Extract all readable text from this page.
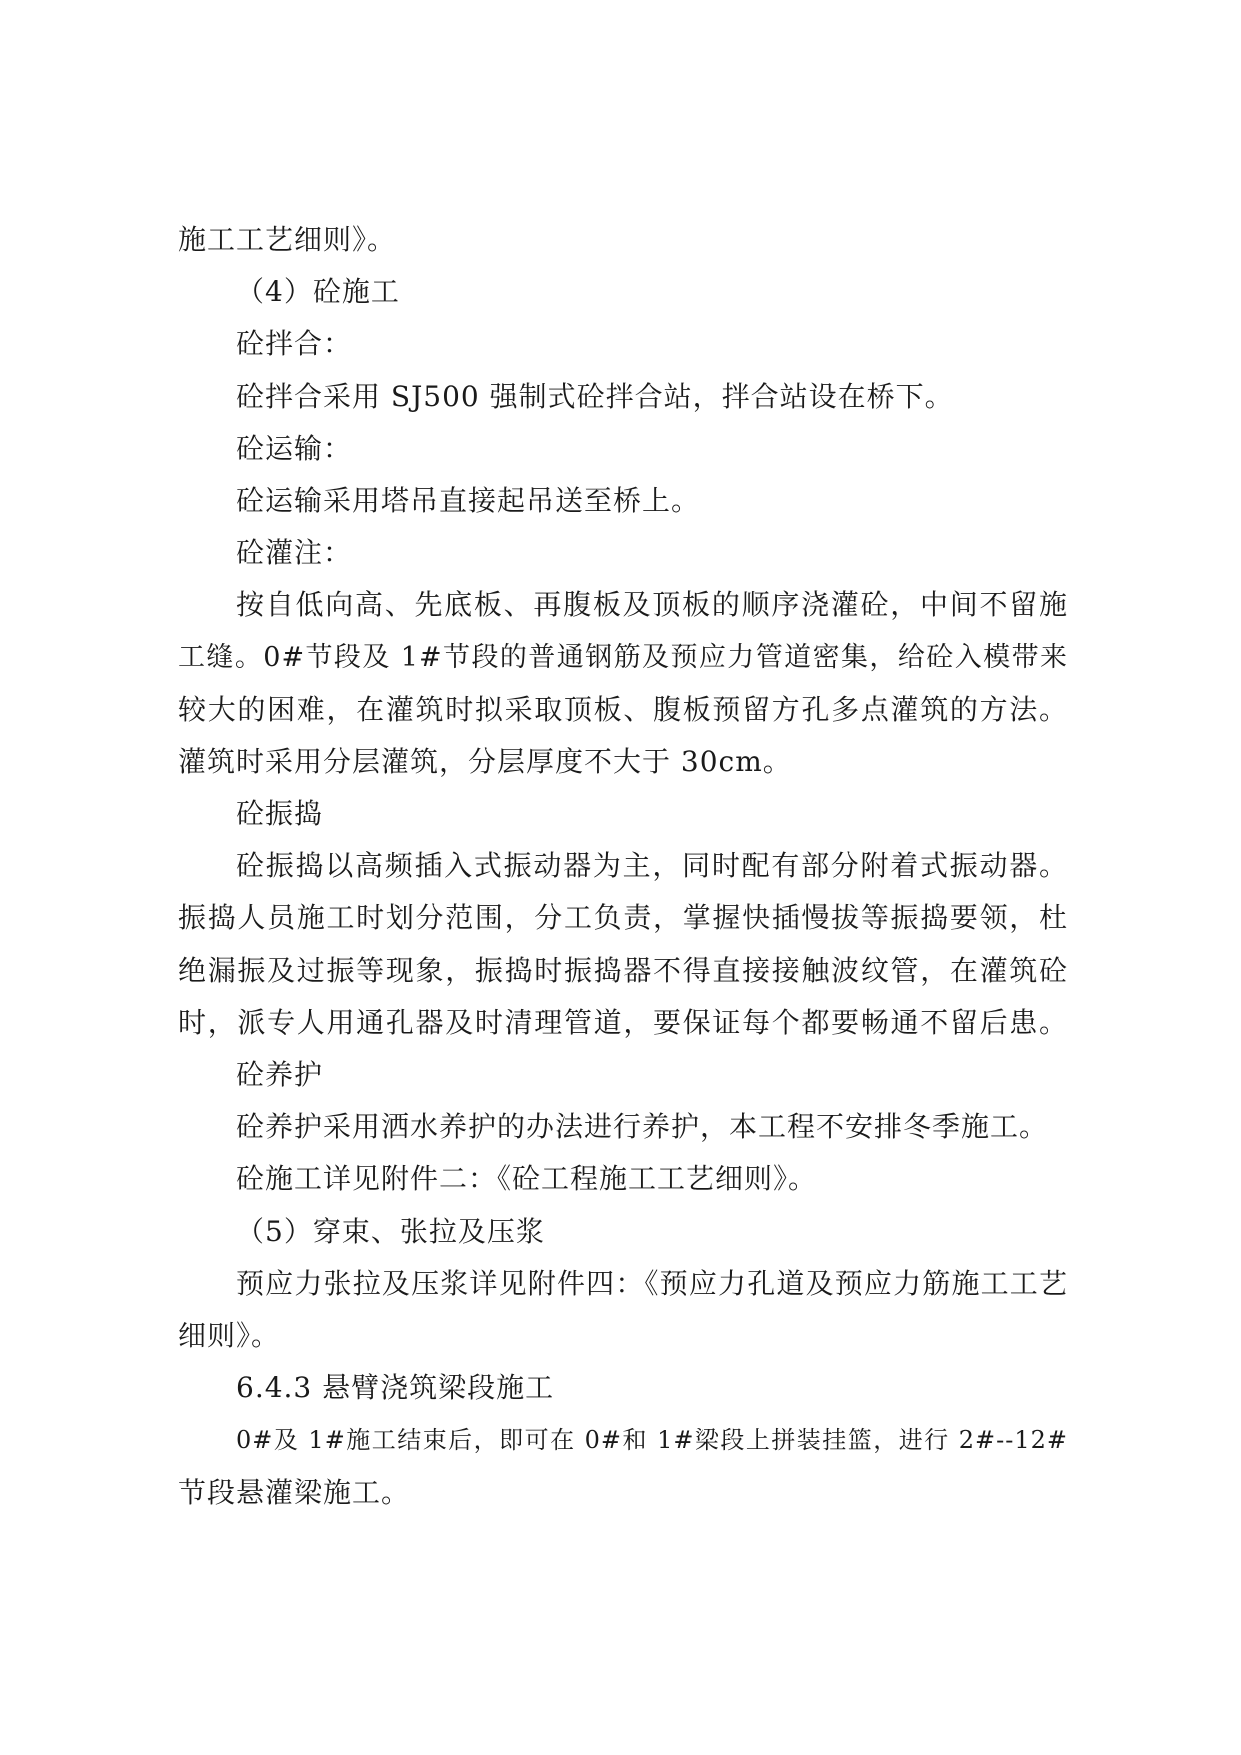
施工工艺细则》。
（4）砼施工
砼拌合：
砼拌合采用 SJ500 强制式砼拌合站，拌合站设在桥下。
砼运输：
砼运输采用塔吊直接起吊送至桥上。
砼灌注：
按自低向高、先底板、再腹板及顶板的顺序浇灌砼，中间不留施
工缝。0#节段及 1#节段的普通钢筋及预应力管道密集，给砼入模带来
较大的困难，在灌筑时拟采取顶板、腹板预留方孔多点灌筑的方法。
灌筑时采用分层灌筑，分层厚度不大于 30cm。
砼振捣
砼振捣以高频插入式振动器为主，同时配有部分附着式振动器。
振捣人员施工时划分范围，分工负责，掌握快插慢拔等振捣要领，杜
绝漏振及过振等现象，振捣时振捣器不得直接接触波纹管，在灌筑砼
时，派专人用通孔器及时清理管道，要保证每个都要畅通不留后患。
砼养护
砼养护采用洒水养护的办法进行养护，本工程不安排冬季施工。
砼施工详见附件二：《砼工程施工工艺细则》。
（5）穿束、张拉及压浆
预应力张拉及压浆详见附件四：《预应力孔道及预应力筋施工工艺
细则》。
6.4.3 悬臂浇筑梁段施工
0#及 1#施工结束后，即可在 0#和 1#梁段上拼装挂篮，进行 2#--12#
节段悬灌梁施工。
